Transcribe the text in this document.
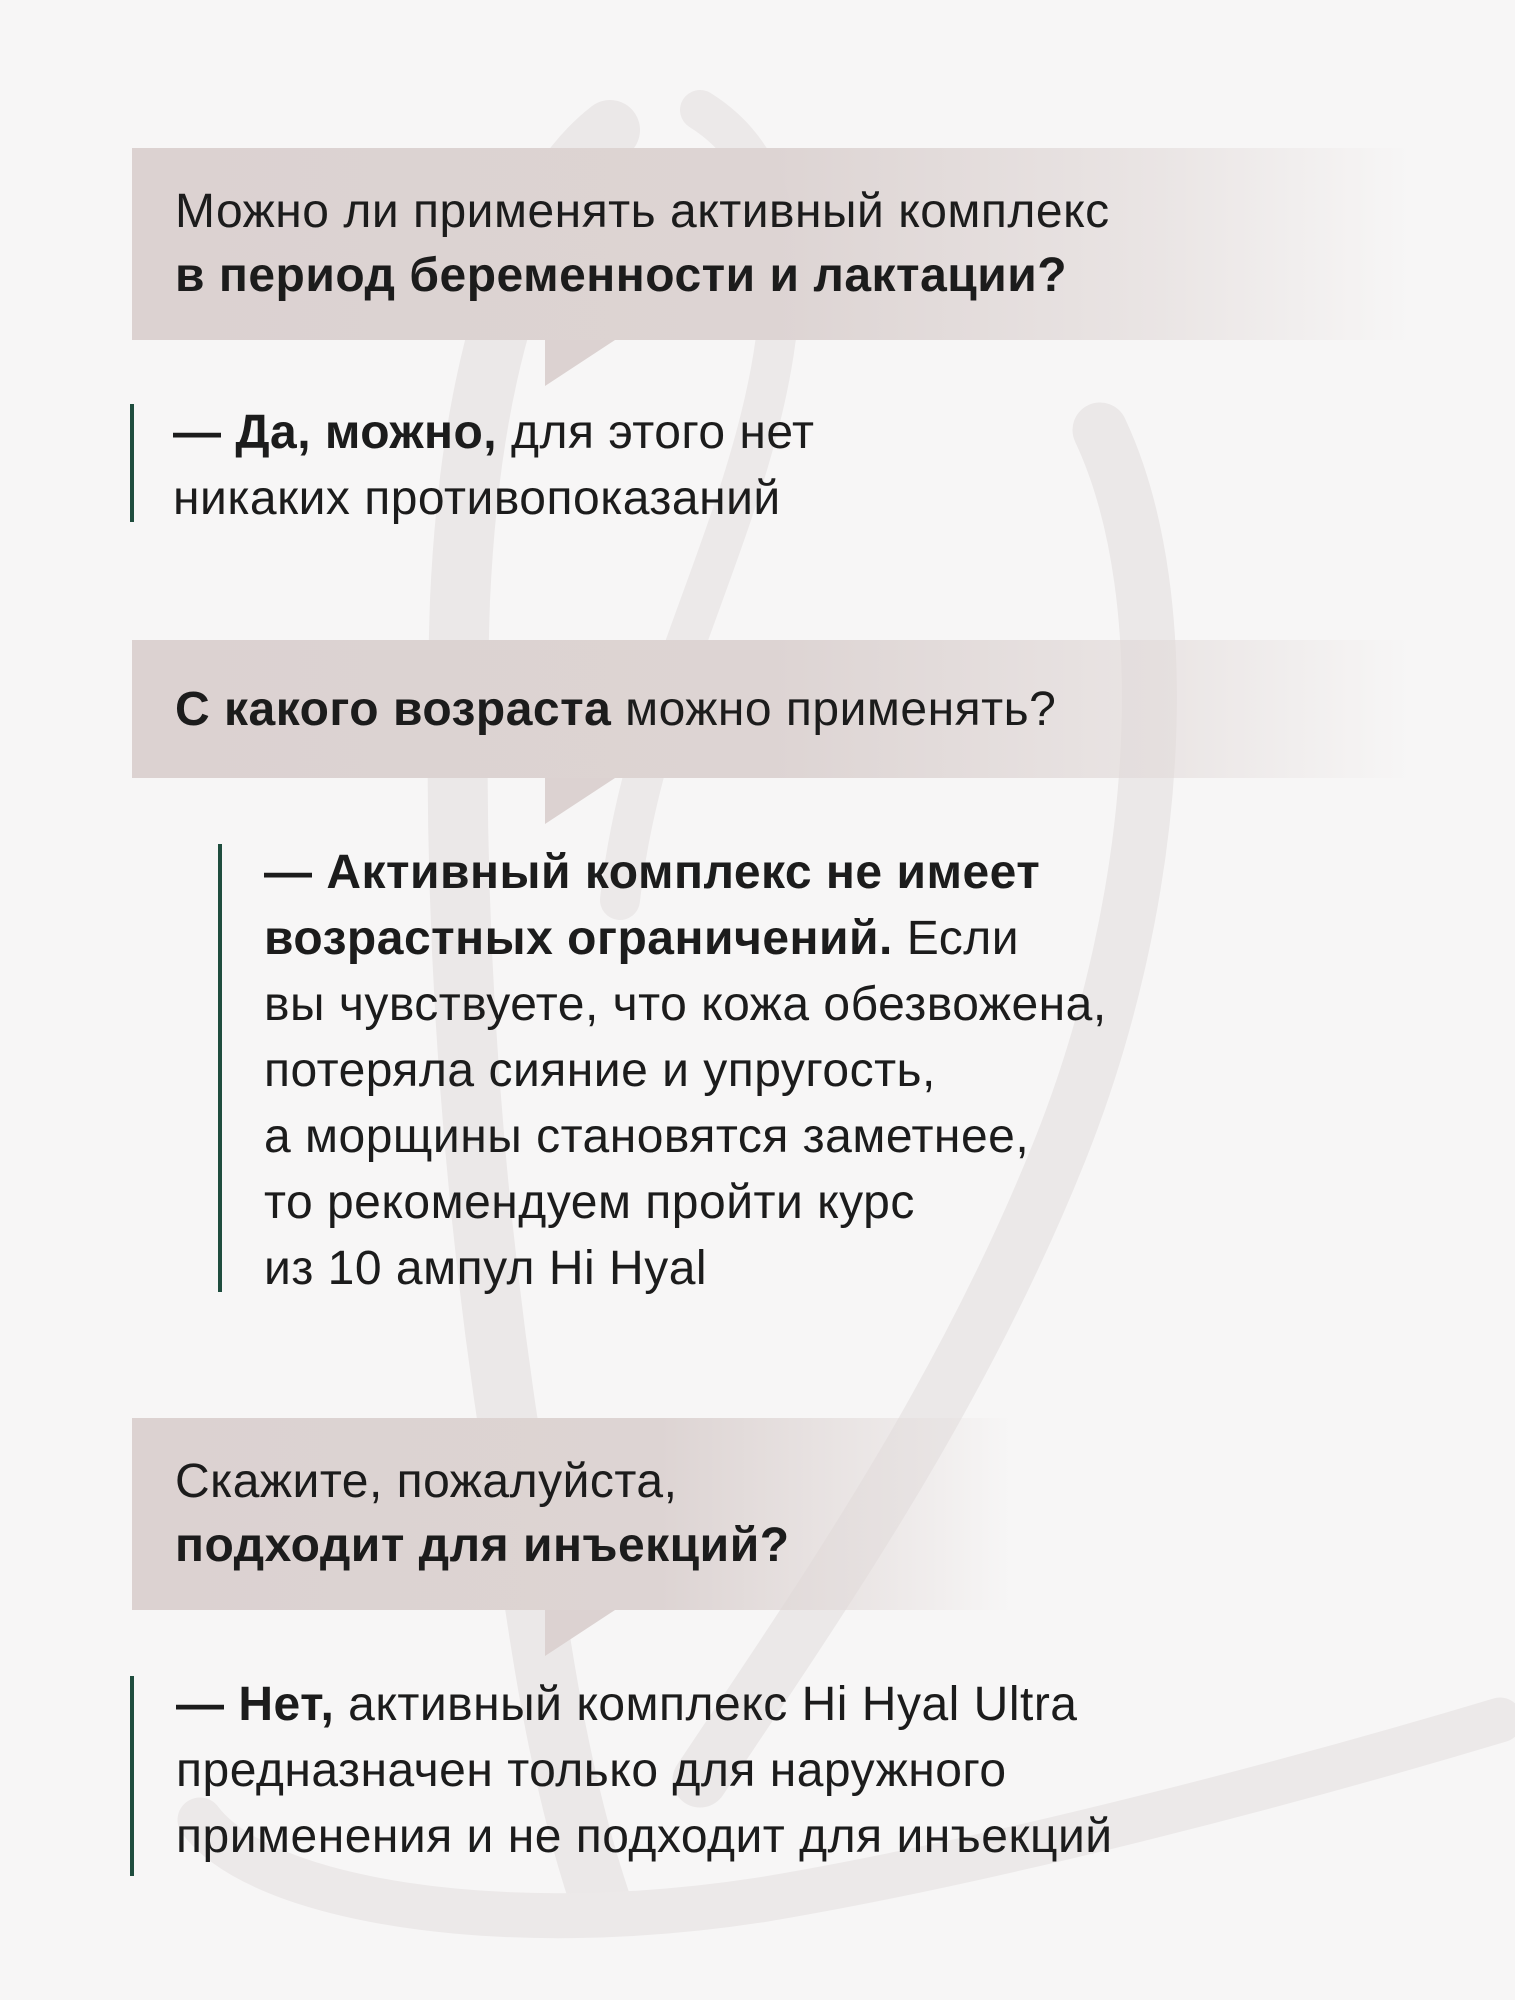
Можно ли применять активный комплекс
в период беременности и лактации?
— Да, можно, для этого нет
никаких противопоказаний
С какого возраста можно применять?
— Активный комплекс не имеет
возрастных ограничений. Если
вы чувствуете, что кожа обезвожена,
потеряла сияние и упругость,
а морщины становятся заметнее,
то рекомендуем пройти курс
из 10 ампул Hi Hyal
Скажите, пожалуйста,
подходит для инъекций?
— Нет, активный комплекс Hi Hyal Ultra
предназначен только для наружного
применения и не подходит для инъекций
